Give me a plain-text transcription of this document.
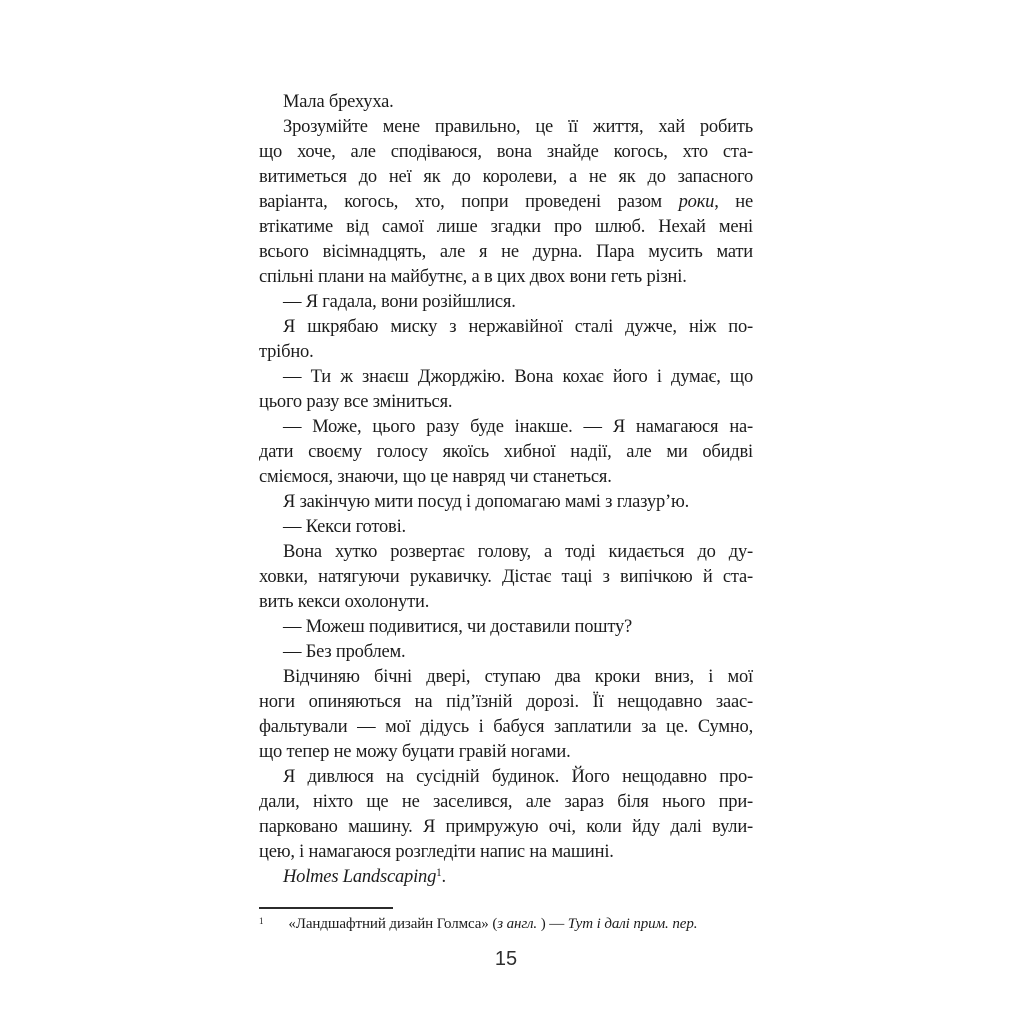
Мала брехуха.
Зрозумійте мене правильно, це її життя, хай робить
що хоче, але сподіваюся, вона знайде когось, хто ста-
витиметься до неї як до королеви, а не як до запасного
варіанта, когось, хто, попри проведені разом роки, не
втікатиме від самої лише згадки про шлюб. Нехай мені
всього вісімнадцять, але я не дурна. Пара мусить мати
спільні плани на майбутнє, а в цих двох вони геть різні.
— Я гадала, вони розійшлися.
Я шкрябаю миску з нержавійної сталі дужче, ніж по-
трібно.
— Ти ж знаєш Джорджію. Вона кохає його і думає, що
цього разу все зміниться.
— Може, цього разу буде інакше. — Я намагаюся на-
дати своєму голосу якоїсь хибної надії, але ми обидві
сміємося, знаючи, що це навряд чи станеться.
Я закінчую мити посуд і допомагаю мамі з глазур’ю.
— Кекси готові.
Вона хутко розвертає голову, а тоді кидається до ду-
ховки, натягуючи рукавичку. Дістає таці з випічкою й ста-
вить кекси охолонути.
— Можеш подивитися, чи доставили пошту?
— Без проблем.
Відчиняю бічні двері, ступаю два кроки вниз, і мої
ноги опиняються на під’їзній дорозі. Її нещодавно заас-
фальтували — мої дідусь і бабуся заплатили за це. Сумно,
що тепер не можу буцати гравій ногами.
Я дивлюся на сусідній будинок. Його нещодавно про-
дали, ніхто ще не заселився, але зараз біля нього при-
парковано машину. Я примружую очі, коли йду далі вули-
цею, і намагаюся розгледіти напис на машині.
Holmes Landscaping$^1$.
$^1$ «Ландшафтний дизайн Голмса» (з англ. ) — Тут і далі прим. пер.
15
